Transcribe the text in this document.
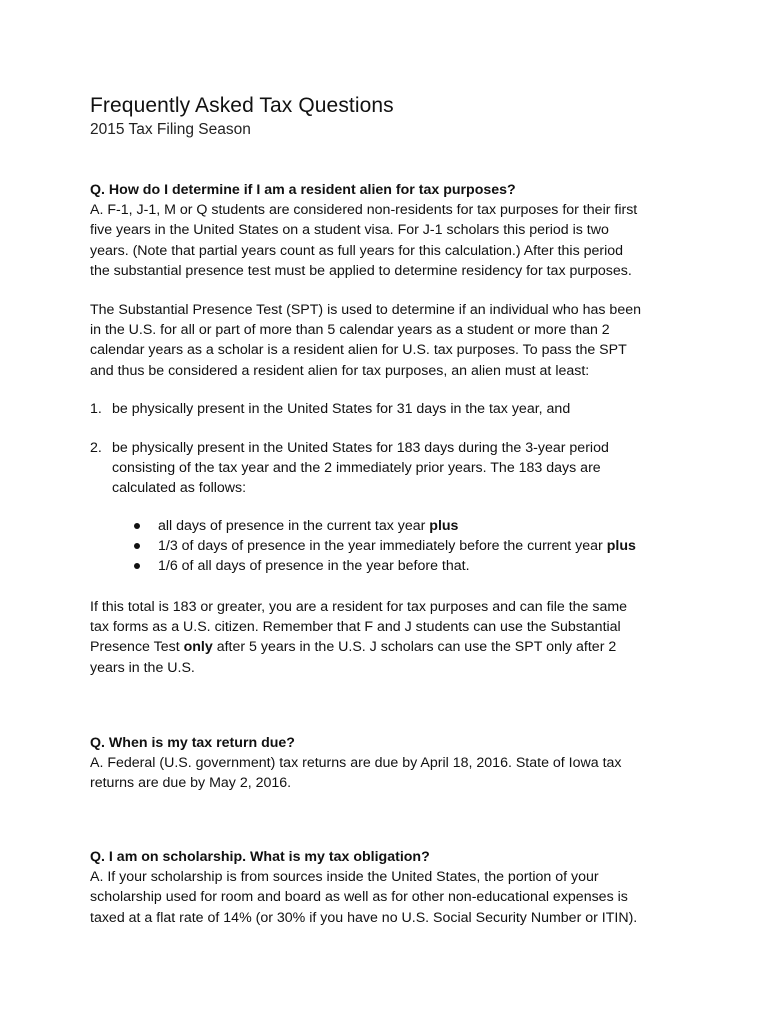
Frequently Asked Tax Questions
2015 Tax Filing Season
Q. How do I determine if I am a resident alien for tax purposes?
A. F-1, J-1, M or Q students are considered non-residents for tax purposes for their first
five years in the United States on a student visa. For J-1 scholars this period is two
years. (Note that partial years count as full years for this calculation.) After this period
the substantial presence test must be applied to determine residency for tax purposes.
The Substantial Presence Test (SPT) is used to determine if an individual who has been
in the U.S. for all or part of more than 5 calendar years as a student or more than 2
calendar years as a scholar is a resident alien for U.S. tax purposes. To pass the SPT
and thus be considered a resident alien for tax purposes, an alien must at least:
1. be physically present in the United States for 31 days in the tax year, and
2. be physically present in the United States for 183 days during the 3-year period
consisting of the tax year and the 2 immediately prior years. The 183 days are
calculated as follows:
all days of presence in the current tax year plus
1/3 of days of presence in the year immediately before the current year plus
1/6 of all days of presence in the year before that.
If this total is 183 or greater, you are a resident for tax purposes and can file the same
tax forms as a U.S. citizen. Remember that F and J students can use the Substantial
Presence Test only after 5 years in the U.S. J scholars can use the SPT only after 2
years in the U.S.
Q. When is my tax return due?
A. Federal (U.S. government) tax returns are due by April 18, 2016. State of Iowa tax
returns are due by May 2, 2016.
Q. I am on scholarship. What is my tax obligation?
A. If your scholarship is from sources inside the United States, the portion of your
scholarship used for room and board as well as for other non-educational expenses is
taxed at a flat rate of 14% (or 30% if you have no U.S. Social Security Number or ITIN).
